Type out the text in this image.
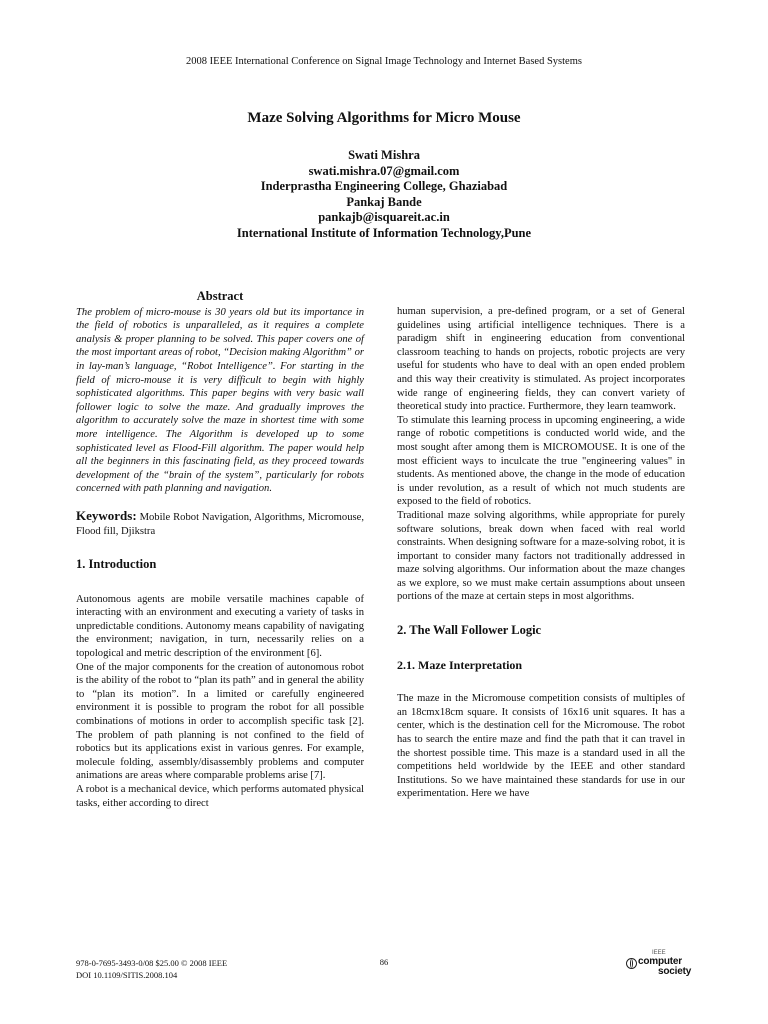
2008 IEEE International Conference on Signal Image Technology and Internet Based Systems
Maze Solving Algorithms for Micro Mouse
Swati Mishra
swati.mishra.07@gmail.com
Inderprastha Engineering College, Ghaziabad
Pankaj Bande
pankajb@isquareit.ac.in
International Institute of Information Technology,Pune
Abstract

The problem of micro-mouse is 30 years old but its importance in the field of robotics is unparalleled, as it requires a complete analysis & proper planning to be solved. This paper covers one of the most important areas of robot, “Decision making Algorithm” or in lay-man’s language, “Robot Intelligence”. For starting in the field of micro-mouse it is very difficult to begin with highly sophisticated algorithms. This paper begins with very basic wall follower logic to solve the maze. And gradually improves the algorithm to accurately solve the maze in shortest time with some more intelligence. The Algorithm is developed up to some sophisticated level as Flood-Fill algorithm. The paper would help all the beginners in this fascinating field, as they proceed towards development of the “brain of the system”, particularly for robots concerned with path planning and navigation.

Keywords: Mobile Robot Navigation, Algorithms, Micromouse, Flood fill, Djikstra

1. Introduction

Autonomous agents are mobile versatile machines capable of interacting with an environment and executing a variety of tasks in unpredictable conditions. Autonomy means capability of navigating the environment; navigation, in turn, necessarily relies on a topological and metric description of the environment [6].

One of the major components for the creation of autonomous robot is the ability of the robot to “plan its path” and in general the ability to “plan its motion”. In a limited or carefully engineered environment it is possible to program the robot for all possible combinations of motions in order to accomplish specific task [2]. The problem of path planning is not confined to the field of robotics but its applications exist in various genres. For example, molecule folding, assembly/disassembly problems and computer animations are areas where comparable problems arise [7].

A robot is a mechanical device, which performs automated physical tasks, either according to direct

human supervision, a pre-defined program, or a set of General guidelines using artificial intelligence techniques. There is a paradigm shift in engineering education from conventional classroom teaching to hands on projects, robotic projects are very useful for students who have to deal with an open ended problem and this way their creativity is stimulated. As project incorporates wide range of engineering fields, they can convert variety of theoretical study into practice. Furthermore, they learn teamwork.

To stimulate this learning process in upcoming engineering, a wide range of robotic competitions is conducted world wide, and the most sought after among them is MICROMOUSE. It is one of the most efficient ways to inculcate the true "engineering values" in students. As mentioned above, the change in the mode of education is under revolution, as a result of which not much students are exposed to the field of robotics.

Traditional maze solving algorithms, while appropriate for purely software solutions, break down when faced with real world constraints. When designing software for a maze-solving robot, it is important to consider many factors not traditionally addressed in maze solving algorithms. Our information about the maze changes as we explore, so we must make certain assumptions about unseen portions of the maze at certain steps in most algorithms.

2. The Wall Follower Logic
2.1. Maze Interpretation

The maze in the Micromouse competition consists of multiples of an 18cmx18cm square. It consists of 16x16 unit squares. It has a center, which is the destination cell for the Micromouse. The robot has to search the entire maze and find the path that it can travel in the shortest possible time. This maze is a standard used in all the competitions held worldwide by the IEEE and other standard Institutions. So we have maintained these standards for use in our experimentation. Here we have

978-0-7695-3493-0/08 $25.00 © 2008 IEEE
DOI 10.1109/SITIS.2008.104
86
IEEE
computer
society
